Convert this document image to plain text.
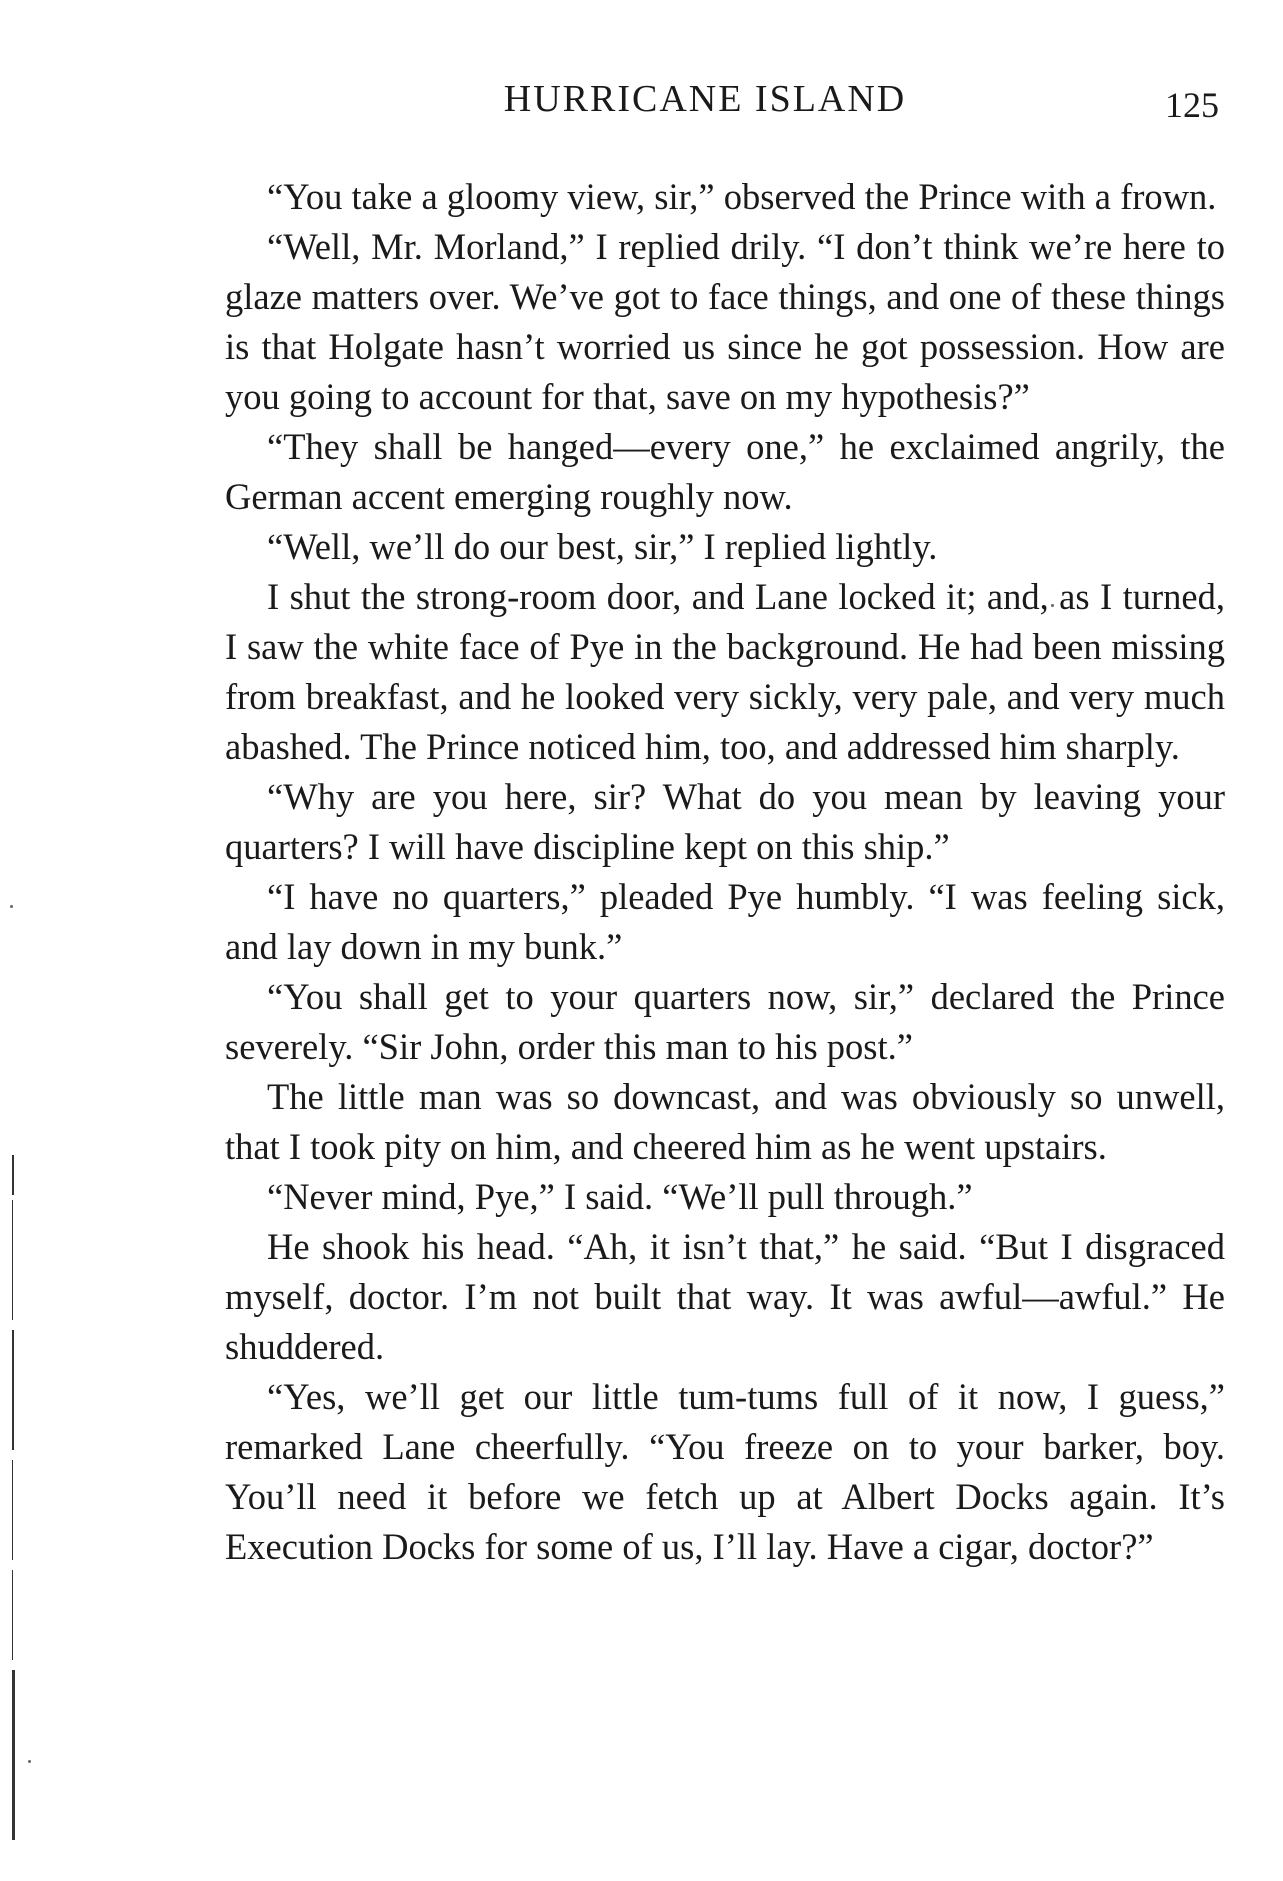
HURRICANE ISLAND	125

“You take a gloomy view, sir,” observed the Prince with a frown.

“Well, Mr. Morland,” I replied drily. “I don’t think we’re here to glaze matters over. We’ve got to face things, and one of these things is that Holgate hasn’t worried us since he got possession. How are you going to account for that, save on my hypothesis?”

“They shall be hanged—every one,” he exclaimed angrily, the German accent emerging roughly now.

“Well, we’ll do our best, sir,” I replied lightly.

I shut the strong-room door, and Lane locked it; and, as I turned, I saw the white face of Pye in the background. He had been missing from breakfast, and he looked very sickly, very pale, and very much abashed. The Prince noticed him, too, and addressed him sharply.

“Why are you here, sir? What do you mean by leaving your quarters? I will have discipline kept on this ship.”

“I have no quarters,” pleaded Pye humbly. “I was feeling sick, and lay down in my bunk.”

“You shall get to your quarters now, sir,” declared the Prince severely. “Sir John, order this man to his post.”

The little man was so downcast, and was obviously so unwell, that I took pity on him, and cheered him as he went upstairs.

“Never mind, Pye,” I said. “We’ll pull through.”

He shook his head. “Ah, it isn’t that,” he said. “But I disgraced myself, doctor. I’m not built that way. It was awful—awful.” He shuddered.

“Yes, we’ll get our little tum-tums full of it now, I guess,” remarked Lane cheerfully. “You freeze on to your barker, boy. You’ll need it before we fetch up at Albert Docks again. It’s Execution Docks for some of us, I’ll lay. Have a cigar, doctor?”
